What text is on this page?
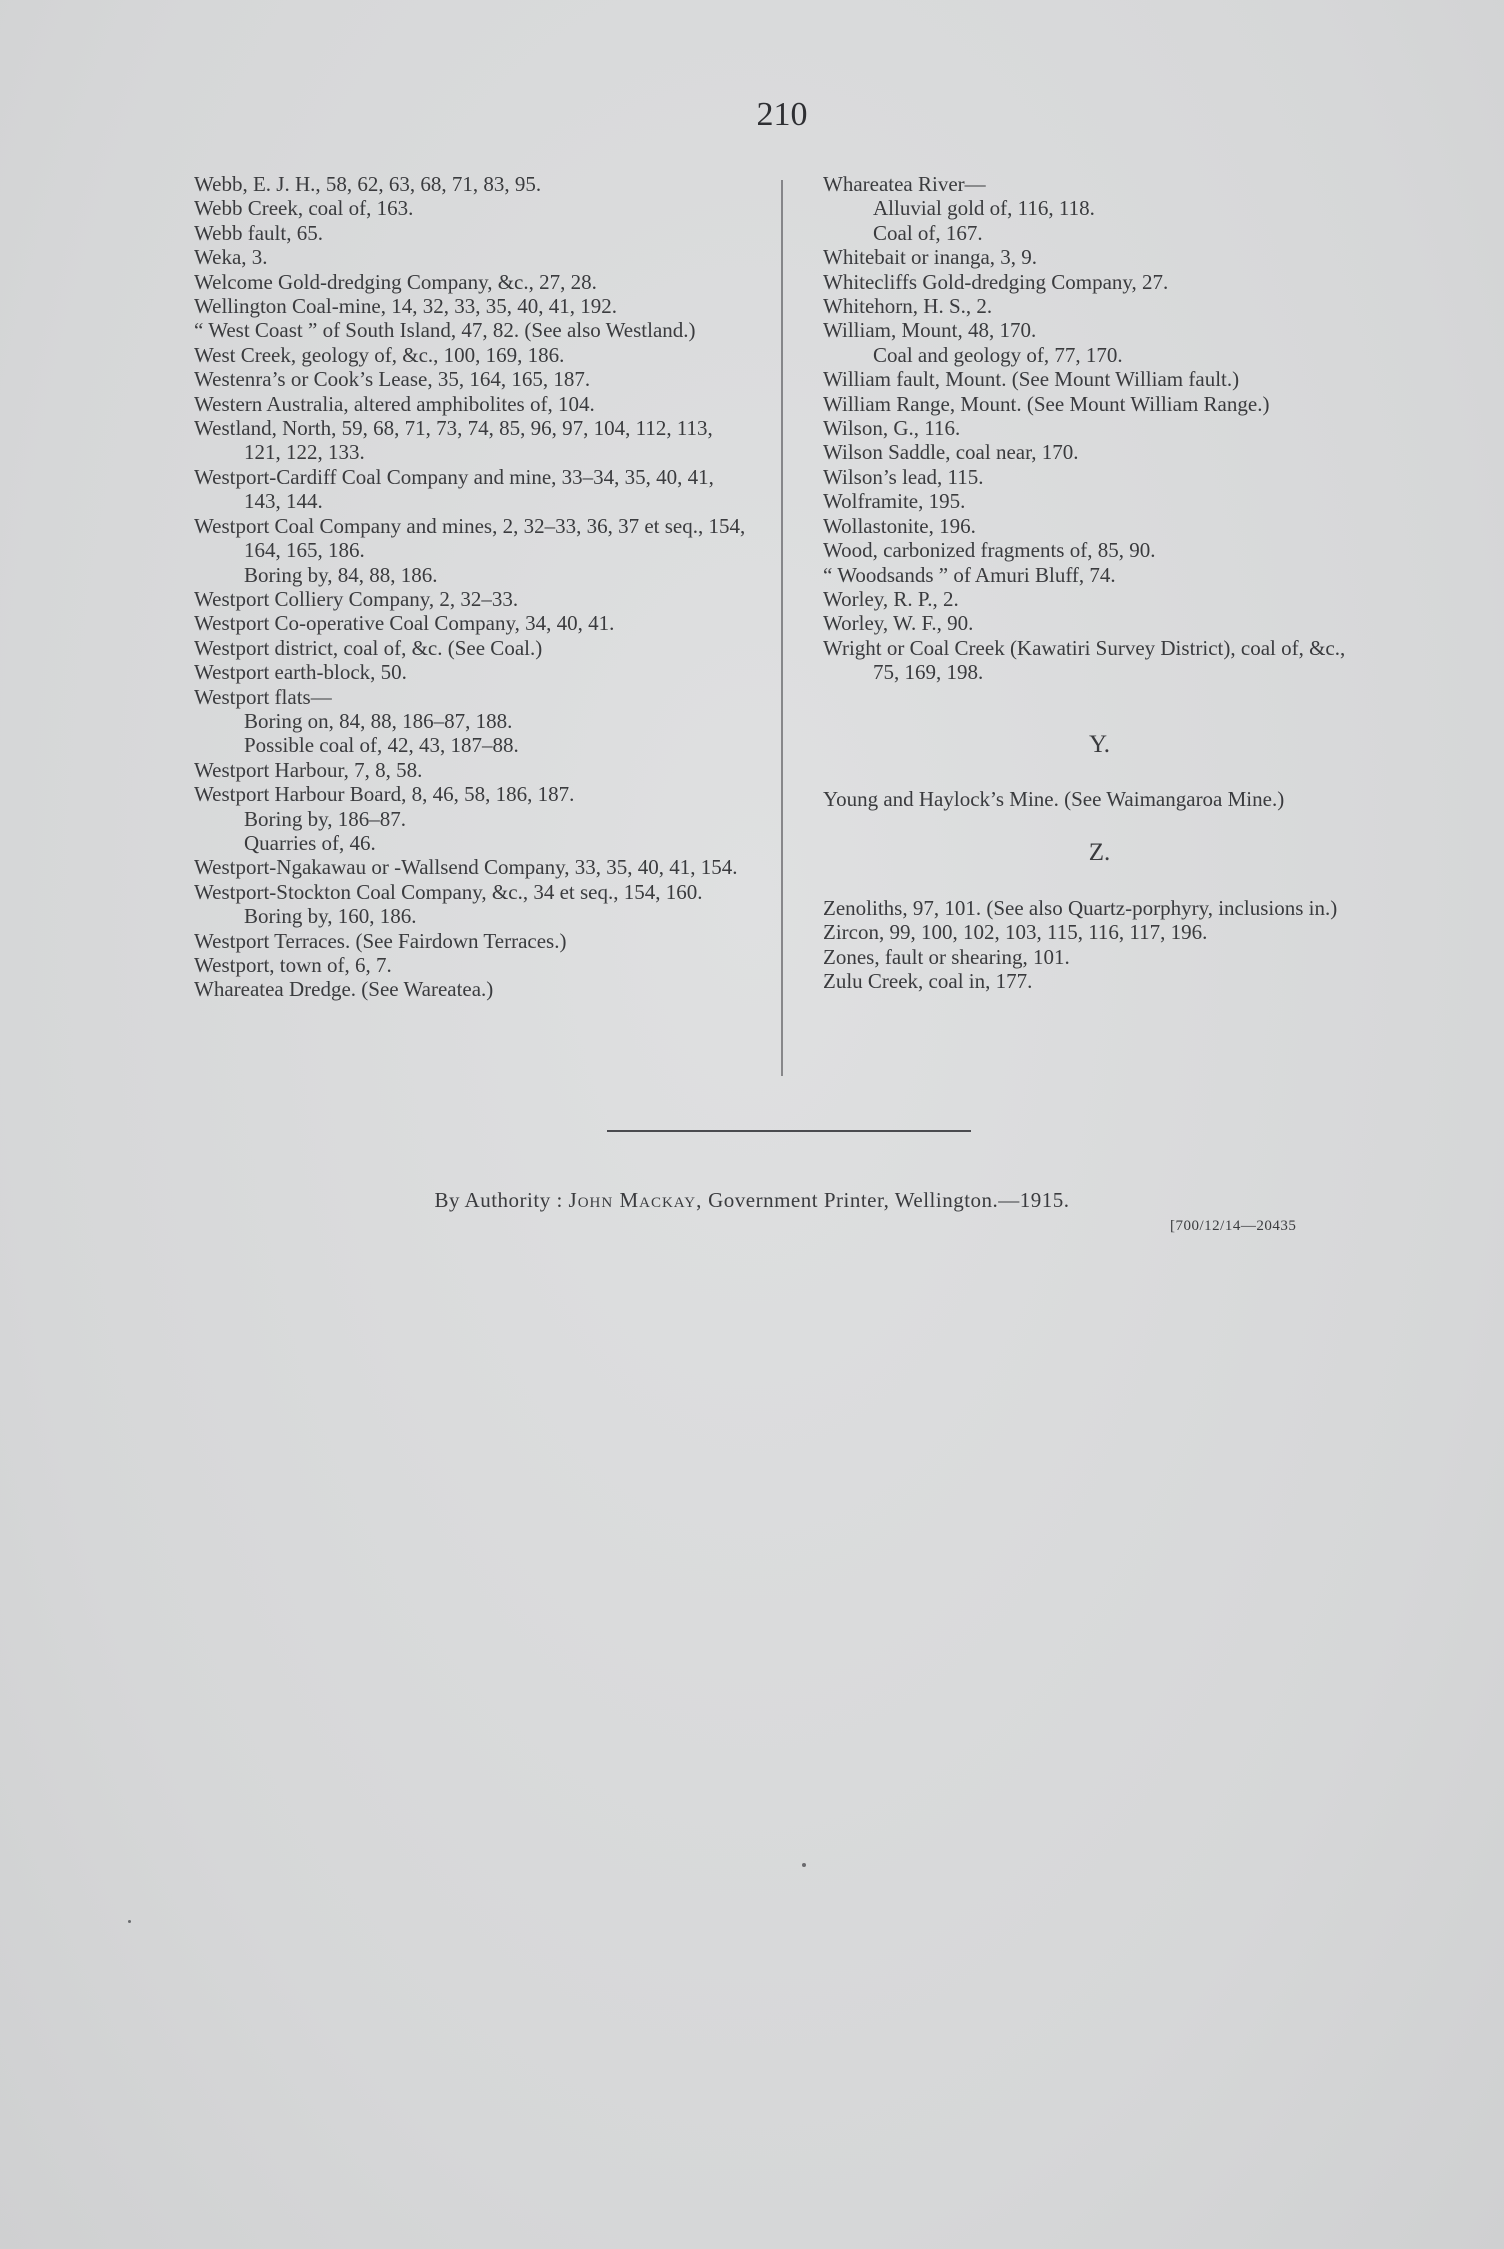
210
Webb, E. J. H., 58, 62, 63, 68, 71, 83, 95.
Webb Creek, coal of, 163.
Webb fault, 65.
Weka, 3.
Welcome Gold-dredging Company, &c., 27, 28.
Wellington Coal-mine, 14, 32, 33, 35, 40, 41, 192.
“ West Coast ” of South Island, 47, 82. (See also Westland.)
West Creek, geology of, &c., 100, 169, 186.
Westenra’s or Cook’s Lease, 35, 164, 165, 187.
Western Australia, altered amphibolites of, 104.
Westland, North, 59, 68, 71, 73, 74, 85, 96, 97, 104, 112, 113, 121, 122, 133.
Westport-Cardiff Coal Company and mine, 33–34, 35, 40, 41, 143, 144.
Westport Coal Company and mines, 2, 32–33, 36, 37 et seq., 154, 164, 165, 186.
Boring by, 84, 88, 186.
Westport Colliery Company, 2, 32–33.
Westport Co-operative Coal Company, 34, 40, 41.
Westport district, coal of, &c. (See Coal.)
Westport earth-block, 50.
Westport flats—
Boring on, 84, 88, 186–87, 188.
Possible coal of, 42, 43, 187–88.
Westport Harbour, 7, 8, 58.
Westport Harbour Board, 8, 46, 58, 186, 187.
Boring by, 186–87.
Quarries of, 46.
Westport-Ngakawau or -Wallsend Company, 33, 35, 40, 41, 154.
Westport-Stockton Coal Company, &c., 34 et seq., 154, 160.
Boring by, 160, 186.
Westport Terraces. (See Fairdown Terraces.)
Westport, town of, 6, 7.
Whareatea Dredge. (See Wareatea.)
Whareatea River—
Alluvial gold of, 116, 118.
Coal of, 167.
Whitebait or inanga, 3, 9.
Whitecliffs Gold-dredging Company, 27.
Whitehorn, H. S., 2.
William, Mount, 48, 170.
Coal and geology of, 77, 170.
William fault, Mount. (See Mount William fault.)
William Range, Mount. (See Mount William Range.)
Wilson, G., 116.
Wilson Saddle, coal near, 170.
Wilson’s lead, 115.
Wolframite, 195.
Wollastonite, 196.
Wood, carbonized fragments of, 85, 90.
“ Woodsands ” of Amuri Bluff, 74.
Worley, R. P., 2.
Worley, W. F., 90.
Wright or Coal Creek (Kawatiri Survey District), coal of, &c., 75, 169, 198.
Y.
Young and Haylock’s Mine. (See Waimangaroa Mine.)
Z.
Zenoliths, 97, 101. (See also Quartz-porphyry, inclusions in.)
Zircon, 99, 100, 102, 103, 115, 116, 117, 196.
Zones, fault or shearing, 101.
Zulu Creek, coal in, 177.
By Authority : John Mackay, Government Printer, Wellington.—1915.
[700/12/14—20435
